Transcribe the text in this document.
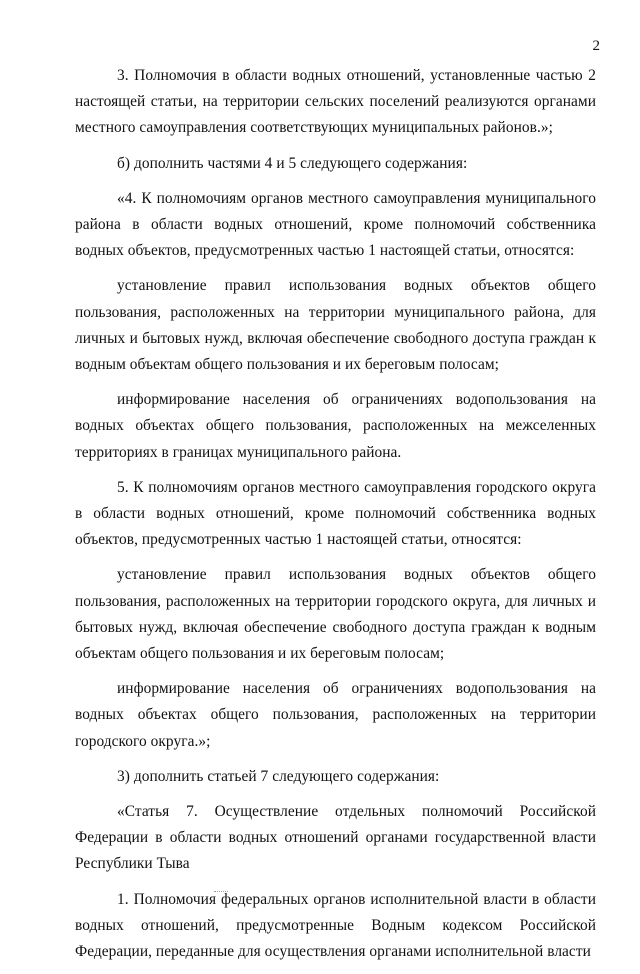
2

3. Полномочия в области водных отношений, установленные частью 2 настоящей статьи, на территории сельских поселений реализуются органами местного самоуправления соответствующих муниципальных районов.»;

б) дополнить частями 4 и 5 следующего содержания:

«4. К полномочиям органов местного самоуправления муниципального района в области водных отношений, кроме полномочий собственника водных объектов, предусмотренных частью 1 настоящей статьи, относятся:

установление правил использования водных объектов общего пользования, расположенных на территории муниципального района, для личных и бытовых нужд, включая обеспечение свободного доступа граждан к водным объектам общего пользования и их береговым полосам;

информирование населения об ограничениях водопользования на водных объектах общего пользования, расположенных на межселенных территориях в границах муниципального района.

5. К полномочиям органов местного самоуправления городского округа в области водных отношений, кроме полномочий собственника водных объектов, предусмотренных частью 1 настоящей статьи, относятся:

установление правил использования водных объектов общего пользования, расположенных на территории городского округа, для личных и бытовых нужд, включая обеспечение свободного доступа граждан к водным объектам общего пользования и их береговым полосам;

информирование населения об ограничениях водопользования на водных объектах общего пользования, расположенных на территории городского округа.»;

3) дополнить статьей 7 следующего содержания:

«Статья 7. Осуществление отдельных полномочий Российской Федерации в области водных отношений органами государственной власти Республики Тыва

1. Полномочия федеральных органов исполнительной власти в области водных отношений, предусмотренные Водным кодексом Российской Федерации, переданные для осуществления органами исполнительной власти
